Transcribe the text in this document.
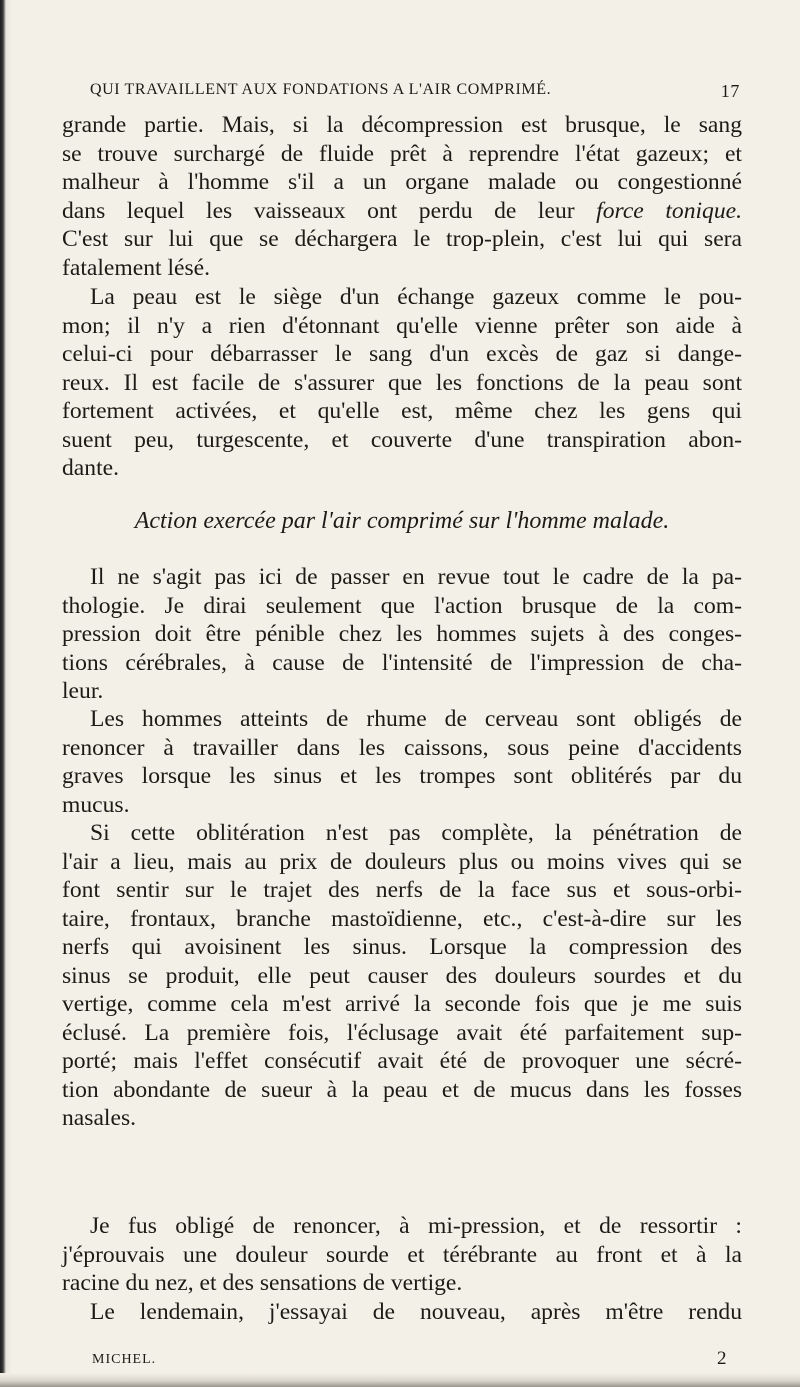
QUI TRAVAILLENT AUX FONDATIONS A L'AIR COMPRIMÉ.	17
grande partie. Mais, si la décompression est brusque, le sang
se trouve surchargé de fluide prêt à reprendre l'état gazeux; et
malheur à l'homme s'il a un organe malade ou congestionné
dans lequel les vaisseaux ont perdu de leur force tonique.
C'est sur lui que se déchargera le trop-plein, c'est lui qui sera
fatalement lésé.
La peau est le siège d'un échange gazeux comme le pou-
mon; il n'y a rien d'étonnant qu'elle vienne prêter son aide à
celui-ci pour débarrasser le sang d'un excès de gaz si dange-
reux. Il est facile de s'assurer que les fonctions de la peau sont
fortement activées, et qu'elle est, même chez les gens qui
suent peu, turgescente, et couverte d'une transpiration abon-
dante.
Action exercée par l'air comprimé sur l'homme malade.
Il ne s'agit pas ici de passer en revue tout le cadre de la pa-
thologie. Je dirai seulement que l'action brusque de la com-
pression doit être pénible chez les hommes sujets à des conges-
tions cérébrales, à cause de l'intensité de l'impression de cha-
leur.
Les hommes atteints de rhume de cerveau sont obligés de
renoncer à travailler dans les caissons, sous peine d'accidents
graves lorsque les sinus et les trompes sont oblitérés par du
mucus.
Si cette oblitération n'est pas complète, la pénétration de
l'air a lieu, mais au prix de douleurs plus ou moins vives qui se
font sentir sur le trajet des nerfs de la face sus et sous-orbi-
taire, frontaux, branche mastoïdienne, etc., c'est-à-dire sur les
nerfs qui avoisinent les sinus. Lorsque la compression des
sinus se produit, elle peut causer des douleurs sourdes et du
vertige, comme cela m'est arrivé la seconde fois que je me suis
éclusé. La première fois, l'éclusage avait été parfaitement sup-
porté; mais l'effet consécutif avait été de provoquer une sécré-
tion abondante de sueur à la peau et de mucus dans les fosses
nasales.
Je fus obligé de renoncer, à mi-pression, et de ressortir :
j'éprouvais une douleur sourde et térébrante au front et à la
racine du nez, et des sensations de vertige.
Le lendemain, j'essayai de nouveau, après m'être rendu
MICHEL.	2
